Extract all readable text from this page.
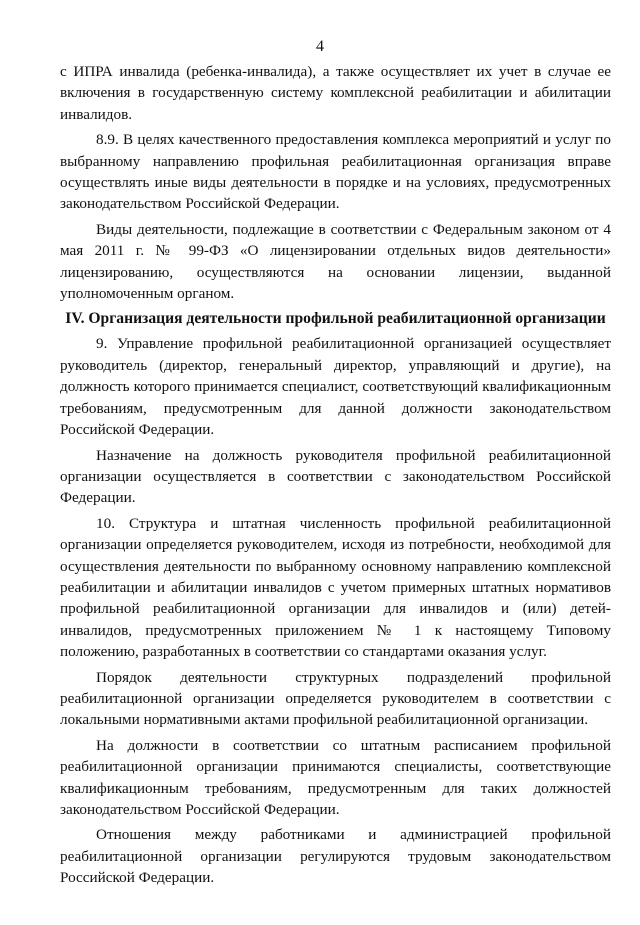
4

с ИПРА инвалида (ребенка-инвалида), а также осуществляет их учет в случае ее включения в государственную систему комплексной реабилитации и абилитации инвалидов.

8.9. В целях качественного предоставления комплекса мероприятий и услуг по выбранному направлению профильная реабилитационная организация вправе осуществлять иные виды деятельности в порядке и на условиях, предусмотренных законодательством Российской Федерации.

Виды деятельности, подлежащие в соответствии с Федеральным законом от 4 мая 2011 г. № 99-ФЗ «О лицензировании отдельных видов деятельности» лицензированию, осуществляются на основании лицензии, выданной уполномоченным органом.

IV. Организация деятельности профильной реабилитационной организации

9. Управление профильной реабилитационной организацией осуществляет руководитель (директор, генеральный директор, управляющий и другие), на должность которого принимается специалист, соответствующий квалификационным требованиям, предусмотренным для данной должности законодательством Российской Федерации.

Назначение на должность руководителя профильной реабилитационной организации осуществляется в соответствии с законодательством Российской Федерации.

10. Структура и штатная численность профильной реабилитационной организации определяется руководителем, исходя из потребности, необходимой для осуществления деятельности по выбранному основному направлению комплексной реабилитации и абилитации инвалидов с учетом примерных штатных нормативов профильной реабилитационной организации для инвалидов и (или) детей-инвалидов, предусмотренных приложением № 1 к настоящему Типовому положению, разработанных в соответствии со стандартами оказания услуг.

Порядок деятельности структурных подразделений профильной реабилитационной организации определяется руководителем в соответствии с локальными нормативными актами профильной реабилитационной организации.

На должности в соответствии со штатным расписанием профильной реабилитационной организации принимаются специалисты, соответствующие квалификационным требованиям, предусмотренным для таких должностей законодательством Российской Федерации.

Отношения между работниками и администрацией профильной реабилитационной организации регулируются трудовым законодательством Российской Федерации.
